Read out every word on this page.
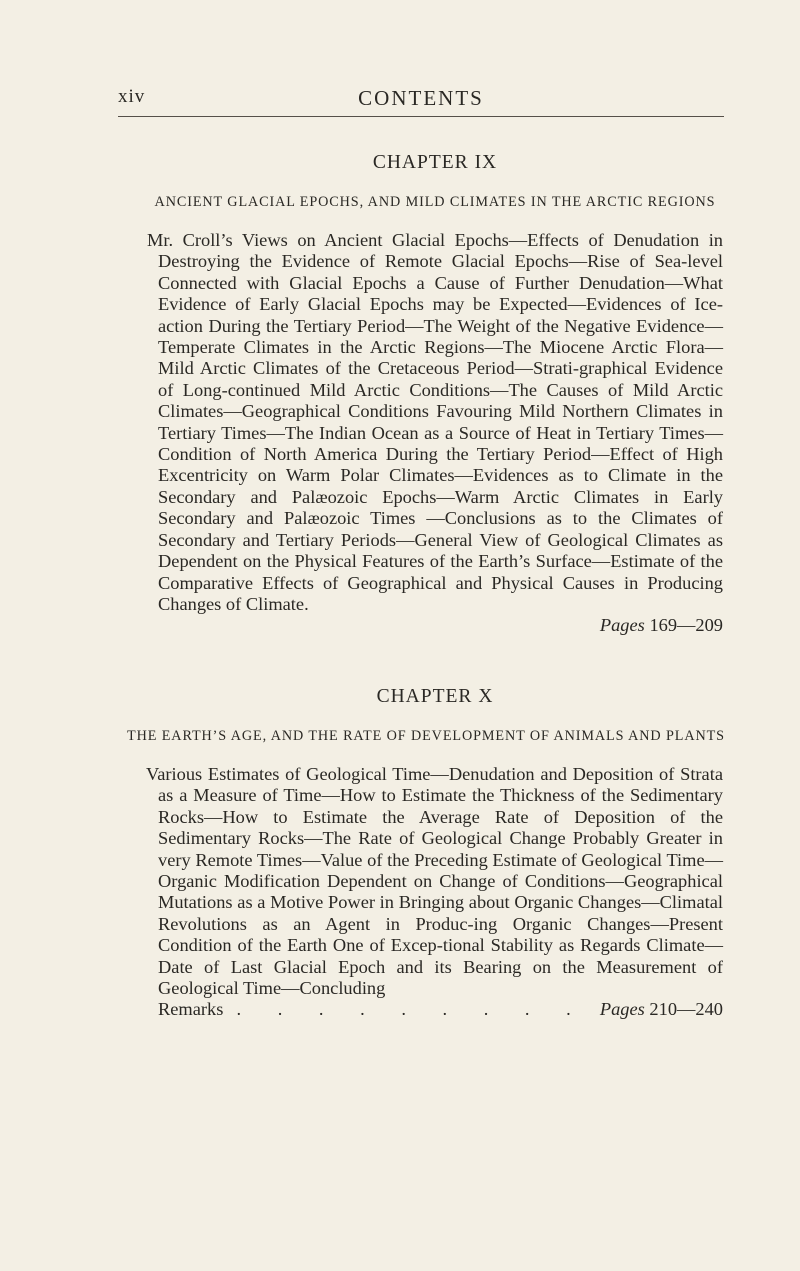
xiv	CONTENTS
CHAPTER IX
ANCIENT GLACIAL EPOCHS, AND MILD CLIMATES IN THE ARCTIC REGIONS

Mr. Croll’s Views on Ancient Glacial Epochs—Effects of Denudation in Destroying the Evidence of Remote Glacial Epochs—Rise of Sea-level Connected with Glacial Epochs a Cause of Further Denudation—What Evidence of Early Glacial Epochs may be Expected—Evidences of Ice-action During the Tertiary Period—The Weight of the Negative Evidence—Temperate Climates in the Arctic Regions—The Miocene Arctic Flora—Mild Arctic Climates of the Cretaceous Period—Strati-graphical Evidence of Long-continued Mild Arctic Conditions—The Causes of Mild Arctic Climates—Geographical Conditions Favouring Mild Northern Climates in Tertiary Times—The Indian Ocean as a Source of Heat in Tertiary Times—Condition of North America During the Tertiary Period—Effect of High Excentricity on Warm Polar Climates—Evidences as to Climate in the Secondary and Palæozoic Epochs—Warm Arctic Climates in Early Secondary and Palæozoic Times —Conclusions as to the Climates of Secondary and Tertiary Periods—General View of Geological Climates as Dependent on the Physical Features of the Earth’s Surface—Estimate of the Comparative Effects of Geographical and Physical Causes in Producing Changes of Climate.

Pages 169—209
CHAPTER X
THE EARTH’S AGE, AND THE RATE OF DEVELOPMENT OF ANIMALS AND PLANTS

Various Estimates of Geological Time—Denudation and Deposition of Strata as a Measure of Time—How to Estimate the Thickness of the Sedimentary Rocks—How to Estimate the Average Rate of Deposition of the Sedimentary Rocks—The Rate of Geological Change Probably Greater in very Remote Times—Value of the Preceding Estimate of Geological Time—Organic Modification Dependent on Change of Conditions—Geographical Mutations as a Motive Power in Bringing about Organic Changes—Climatal Revolutions as an Agent in Produc-ing Organic Changes—Present Condition of the Earth One of Excep-tional Stability as Regards Climate—Date of Last Glacial Epoch and its Bearing on the Measurement of Geological Time—Concluding

Remarks . . . . . . . . . Pages 210—240
